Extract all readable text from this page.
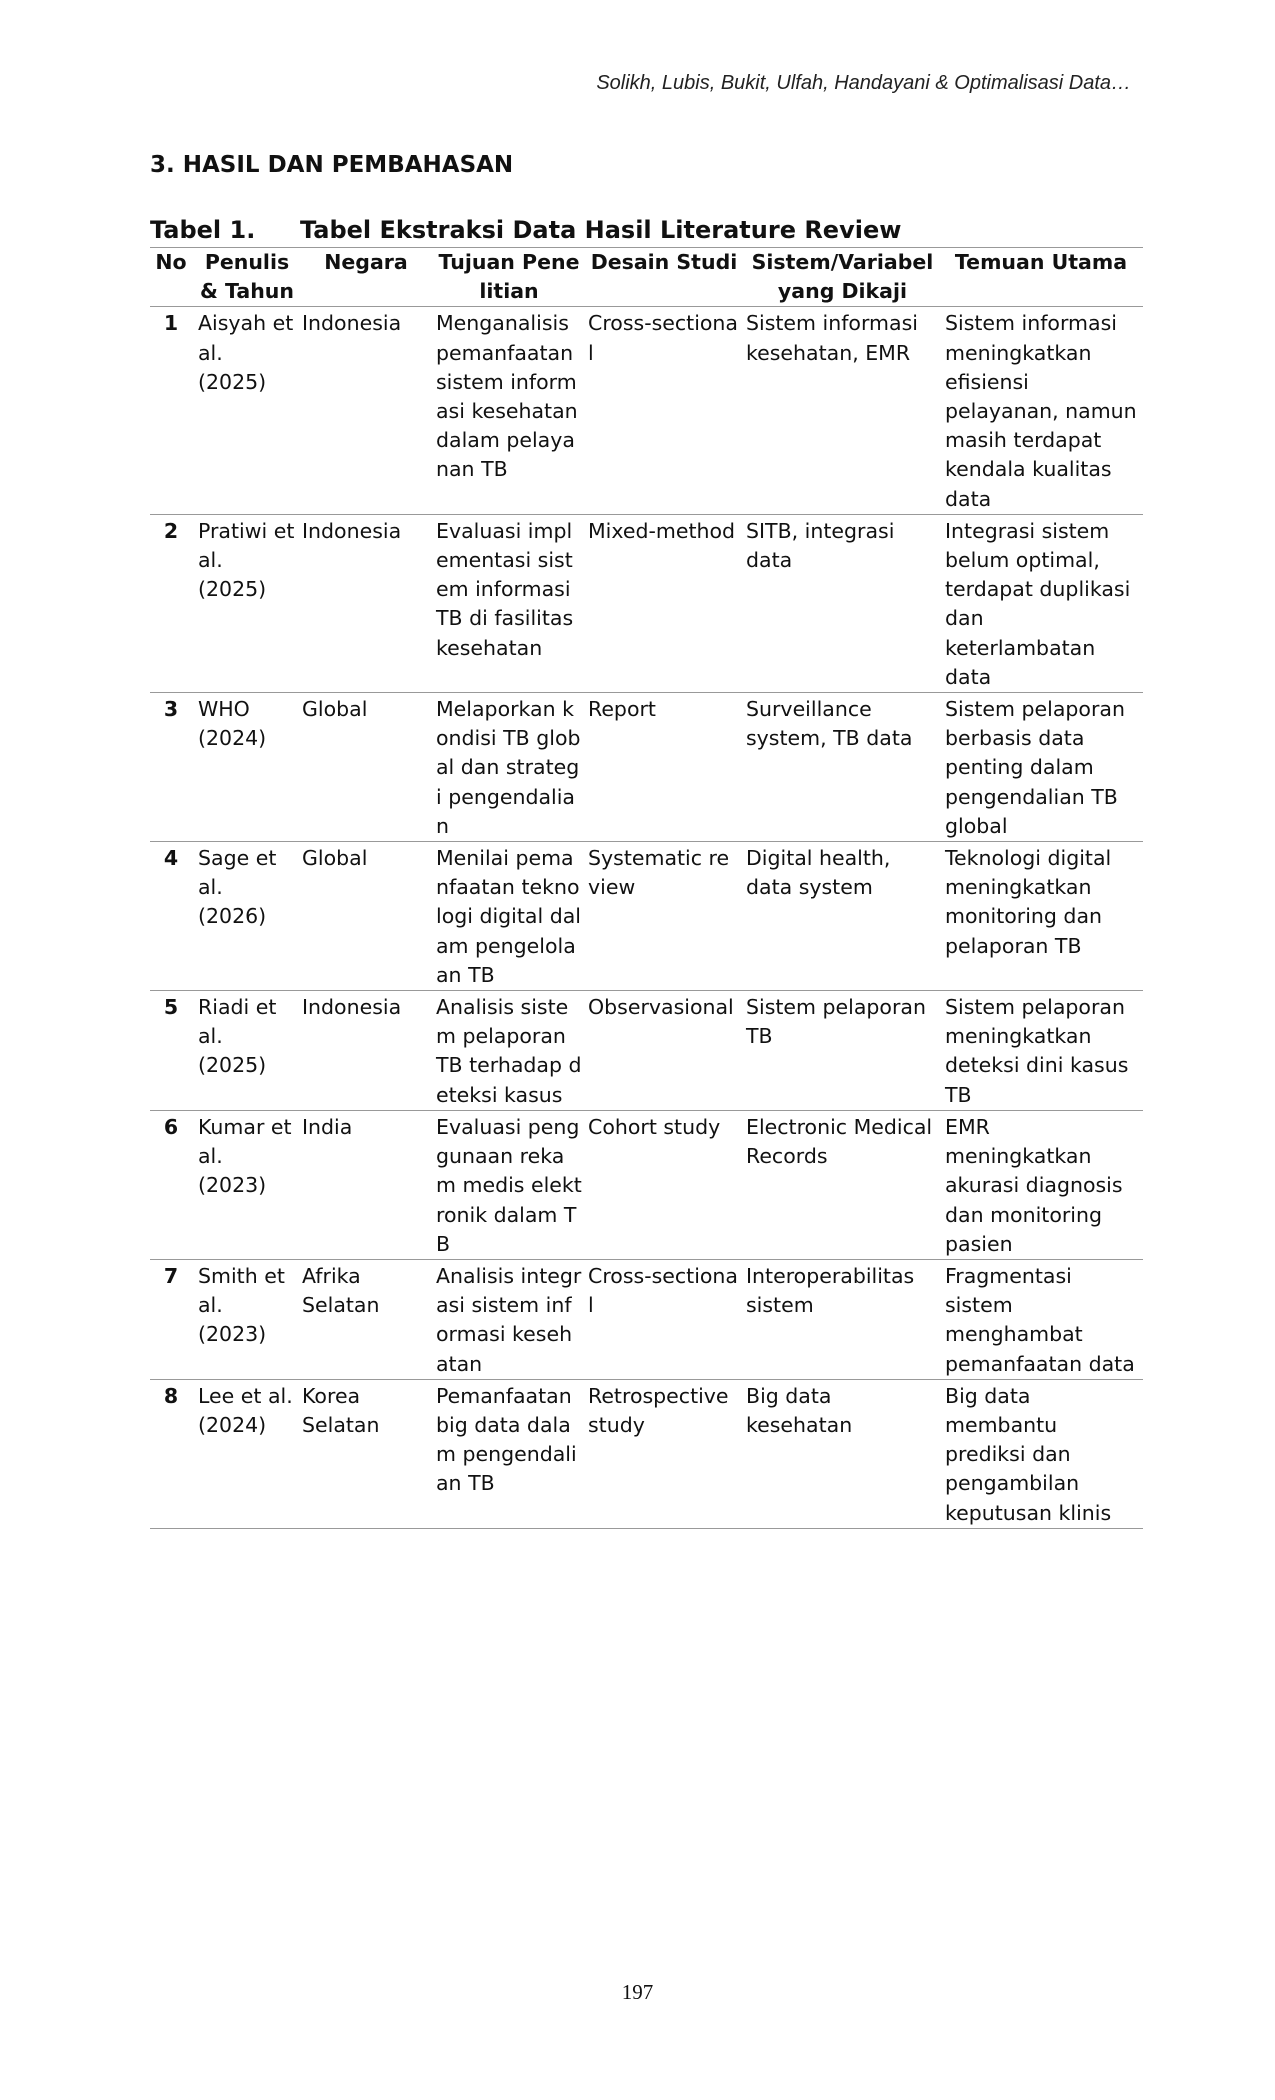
Solikh, Lubis, Bukit, Ulfah, Handayani & Optimalisasi Data…
3. HASIL DAN PEMBAHASAN
Tabel 1. Tabel Ekstraksi Data Hasil Literature Review
No	Penulis & Tahun	Negara	Tujuan Penelitian	Desain Studi	Sistem/Variabel yang Dikaji	Temuan Utama
1	Aisyah et al. (2025)	Indonesia	Menganalisis pemanfaatan sistem informasi kesehatan dalam pelayanan TB	Cross-sectional	Sistem informasi kesehatan, EMR	Sistem informasi meningkatkan efisiensi pelayanan, namun masih terdapat kendala kualitas data
2	Pratiwi et al. (2025)	Indonesia	Evaluasi implementasi sistem informasi TB di fasilitas kesehatan	Mixed-method	SITB, integrasi data	Integrasi sistem belum optimal, terdapat duplikasi dan keterlambatan data
3	WHO (2024)	Global	Melaporkan kondisi TB global dan strategi pengendalian	Report	Surveillance system, TB data	Sistem pelaporan berbasis data penting dalam pengendalian TB global
4	Sage et al. (2026)	Global	Menilai pemanfaatan teknologi digital dalam pengelolaan TB	Systematic review	Digital health, data system	Teknologi digital meningkatkan monitoring dan pelaporan TB
5	Riadi et al. (2025)	Indonesia	Analisis sistem pelaporan TB terhadap deteksi kasus	Observasional	Sistem pelaporan TB	Sistem pelaporan meningkatkan deteksi dini kasus TB
6	Kumar et al. (2023)	India	Evaluasi penggunaan rekam medis elektronik dalam TB	Cohort study	Electronic Medical Records	EMR meningkatkan akurasi diagnosis dan monitoring pasien
7	Smith et al. (2023)	Afrika Selatan	Analisis integrasi sistem informasi kesehatan	Cross-sectional	Interoperabilitas sistem	Fragmentasi sistem menghambat pemanfaatan data
8	Lee et al. (2024)	Korea Selatan	Pemanfaatan big data dalam pengendalian TB	Retrospective study	Big data kesehatan	Big data membantu prediksi dan pengambilan keputusan klinis
197
